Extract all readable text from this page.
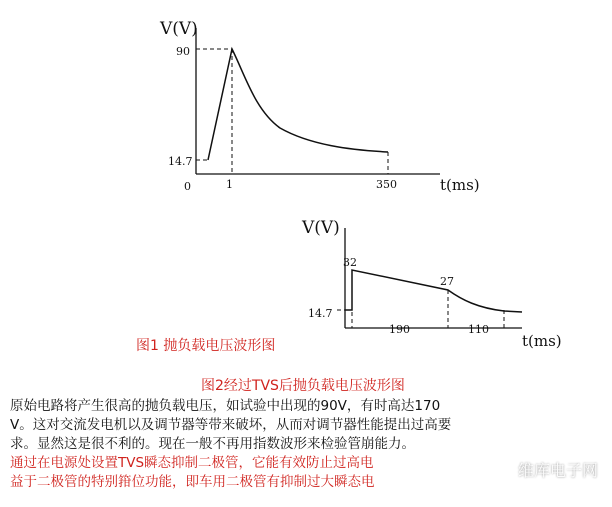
V(V)
t(ms)
90
14.7
0	1	350
V(V)
t(ms)
32
14.7
27
190	110
图1 抛负载电压波形图
图2经过TVS后抛负载电压波形图
原始电路将产生很高的抛负载电压，如试验中出现的90V，有时高达170
V。这对交流发电机以及调节器等带来破坏，从而对调节器性能提出过高要
求。显然这是很不利的。现在一般不再用指数波形来检验管崩能力。
通过在电源处设置TVS瞬态抑制二极管，它能有效防止过高电
益于二极管的特别箝位功能，即车用二极管有抑制过大瞬态电
维库电子网
